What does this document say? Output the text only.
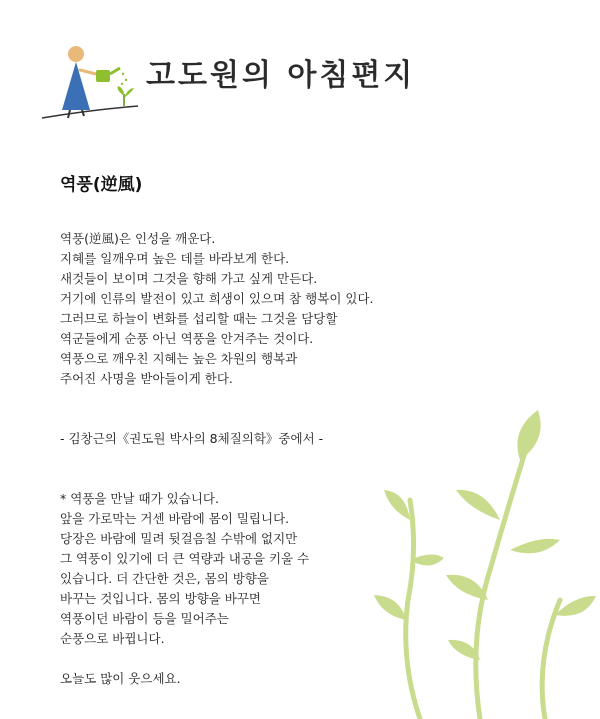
고도원의 아침편지
역풍(逆風)
역풍(逆風)은 인성을 깨운다.
지혜를 일깨우며 높은 데를 바라보게 한다.
새것들이 보이며 그것을 향해 가고 싶게 만든다.
거기에 인류의 발전이 있고 희생이 있으며 참 행복이 있다.
그러므로 하늘이 변화를 섭리할 때는 그것을 담당할
역군들에게 순풍 아닌 역풍을 안겨주는 것이다.
역풍으로 깨우친 지혜는 높은 차원의 행복과
주어진 사명을 받아들이게 한다.
- 김창근의《권도원 박사의 8체질의학》중에서 -
* 역풍을 만날 때가 있습니다.
앞을 가로막는 거센 바람에 몸이 밀립니다.
당장은 바람에 밀려 뒷걸음칠 수밖에 없지만
그 역풍이 있기에 더 큰 역량과 내공을 키울 수
있습니다. 더 간단한 것은, 몸의 방향을
바꾸는 것입니다. 몸의 방향을 바꾸면
역풍이던 바람이 등을 밀어주는
순풍으로 바뀝니다.
오늘도 많이 웃으세요.
